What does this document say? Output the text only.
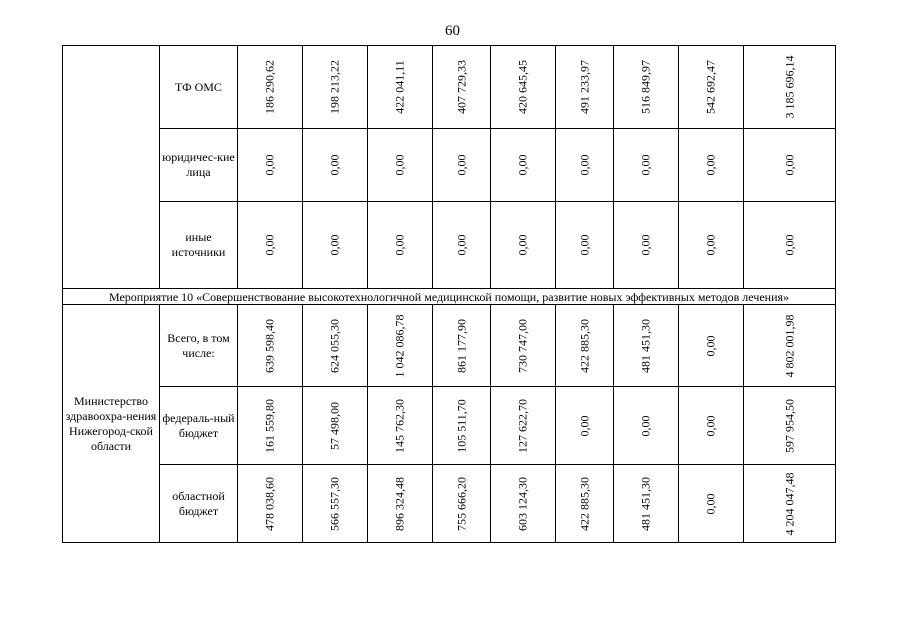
60
	ТФ ОМС	186 290,62	198 213,22	422 041,11	407 729,33	420 645,45	491 233,97	516 849,97	542 692,47	3 185 696,14

	юридичес-кие лица	0,00	0,00	0,00	0,00	0,00	0,00	0,00	0,00	0,00

	иные источники	0,00	0,00	0,00	0,00	0,00	0,00	0,00	0,00	0,00

Мероприятие 10 «Совершенствование высокотехнологичной медицинской помощи, развитие новых эффективных методов лечения»										
Министерство здравоохра-нения Нижегород-ской области	Всего, в том числе:	639 598,40	624 055,30	1 042 086,78	861 177,90	730 747,00	422 885,30	481 451,30	0,00	4 802 001,98

	федераль-ный бюджет	161 559,80	57 498,00	145 762,30	105 511,70	127 622,70	0,00	0,00	0,00	597 954,50

	областной бюджет	478 038,60	566 557,30	896 324,48	755 666,20	603 124,30	422 885,30	481 451,30	0,00	4 204 047,48
